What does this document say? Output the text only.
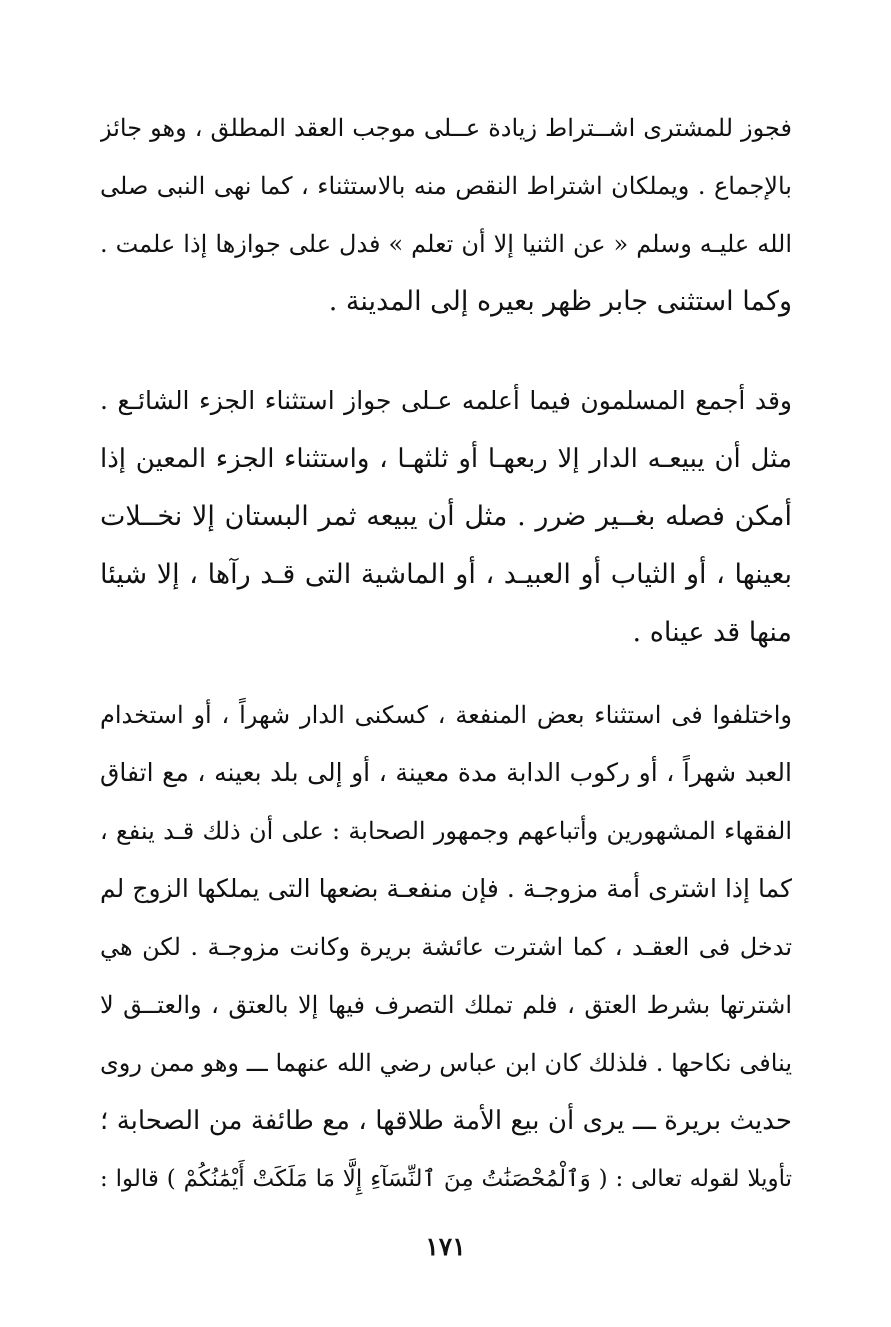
فجوز للمشترى اشــتراط زيادة عــلى موجب العقد المطلق ، وهو جائز
بالإجماع . ويملكان اشتراط النقص منه بالاستثناء ، كما نهى النبى صلى
الله عليـه وسلم « عن الثنيا إلا أن تعلم » فدل على جوازها إذا علمت .
وكما استثنى جابر ظهر بعيره إلى المدينة .
وقد أجمع المسلمون فيما أعلمه عـلى جواز استثناء الجزء الشائـع .
مثل أن يبيعـه الدار إلا ربعهـا أو ثلثهـا ، واستثناء الجزء المعين إذا
أمكن فصله بغــير ضرر . مثل أن يبيعه ثمر البستان إلا نخــلات
بعينها ، أو الثياب أو العبيـد ، أو الماشية التى قـد رآها ، إلا شيئا
منها قد عيناه .
واختلفوا فى استثناء بعض المنفعة ، كسكنى الدار شهراً ، أو استخدام
العبد شهراً ، أو ركوب الدابة مدة معينة ، أو إلى بلد بعينه ، مع اتفاق
الفقهاء المشهورين وأتباعهم وجمهور الصحابة : على أن ذلك قـد ينفع ،
كما إذا اشترى أمة مزوجـة . فإن منفعـة بضعها التى يملكها الزوج لم
تدخل فى العقـد ، كما اشترت عائشة بريرة وكانت مزوجـة . لكن هي
اشترتها بشرط العتق ، فلم تملك التصرف فيها إلا بالعتق ، والعتــق لا
ينافى نكاحها . فلذلك كان ابن عباس رضي الله عنهما ـــ وهو ممن روى
حديث بريرة ـــ يرى أن بيع الأمة طلاقها ، مع طائفة من الصحابة ؛
تأويلا لقوله تعالى : ( وَٱلْمُحْصَنَٰتُ مِنَ ٱلنِّسَآءِ إِلَّا مَا مَلَكَتْ أَيْمَٰنُكُمْ ) قالوا :
١٧١
